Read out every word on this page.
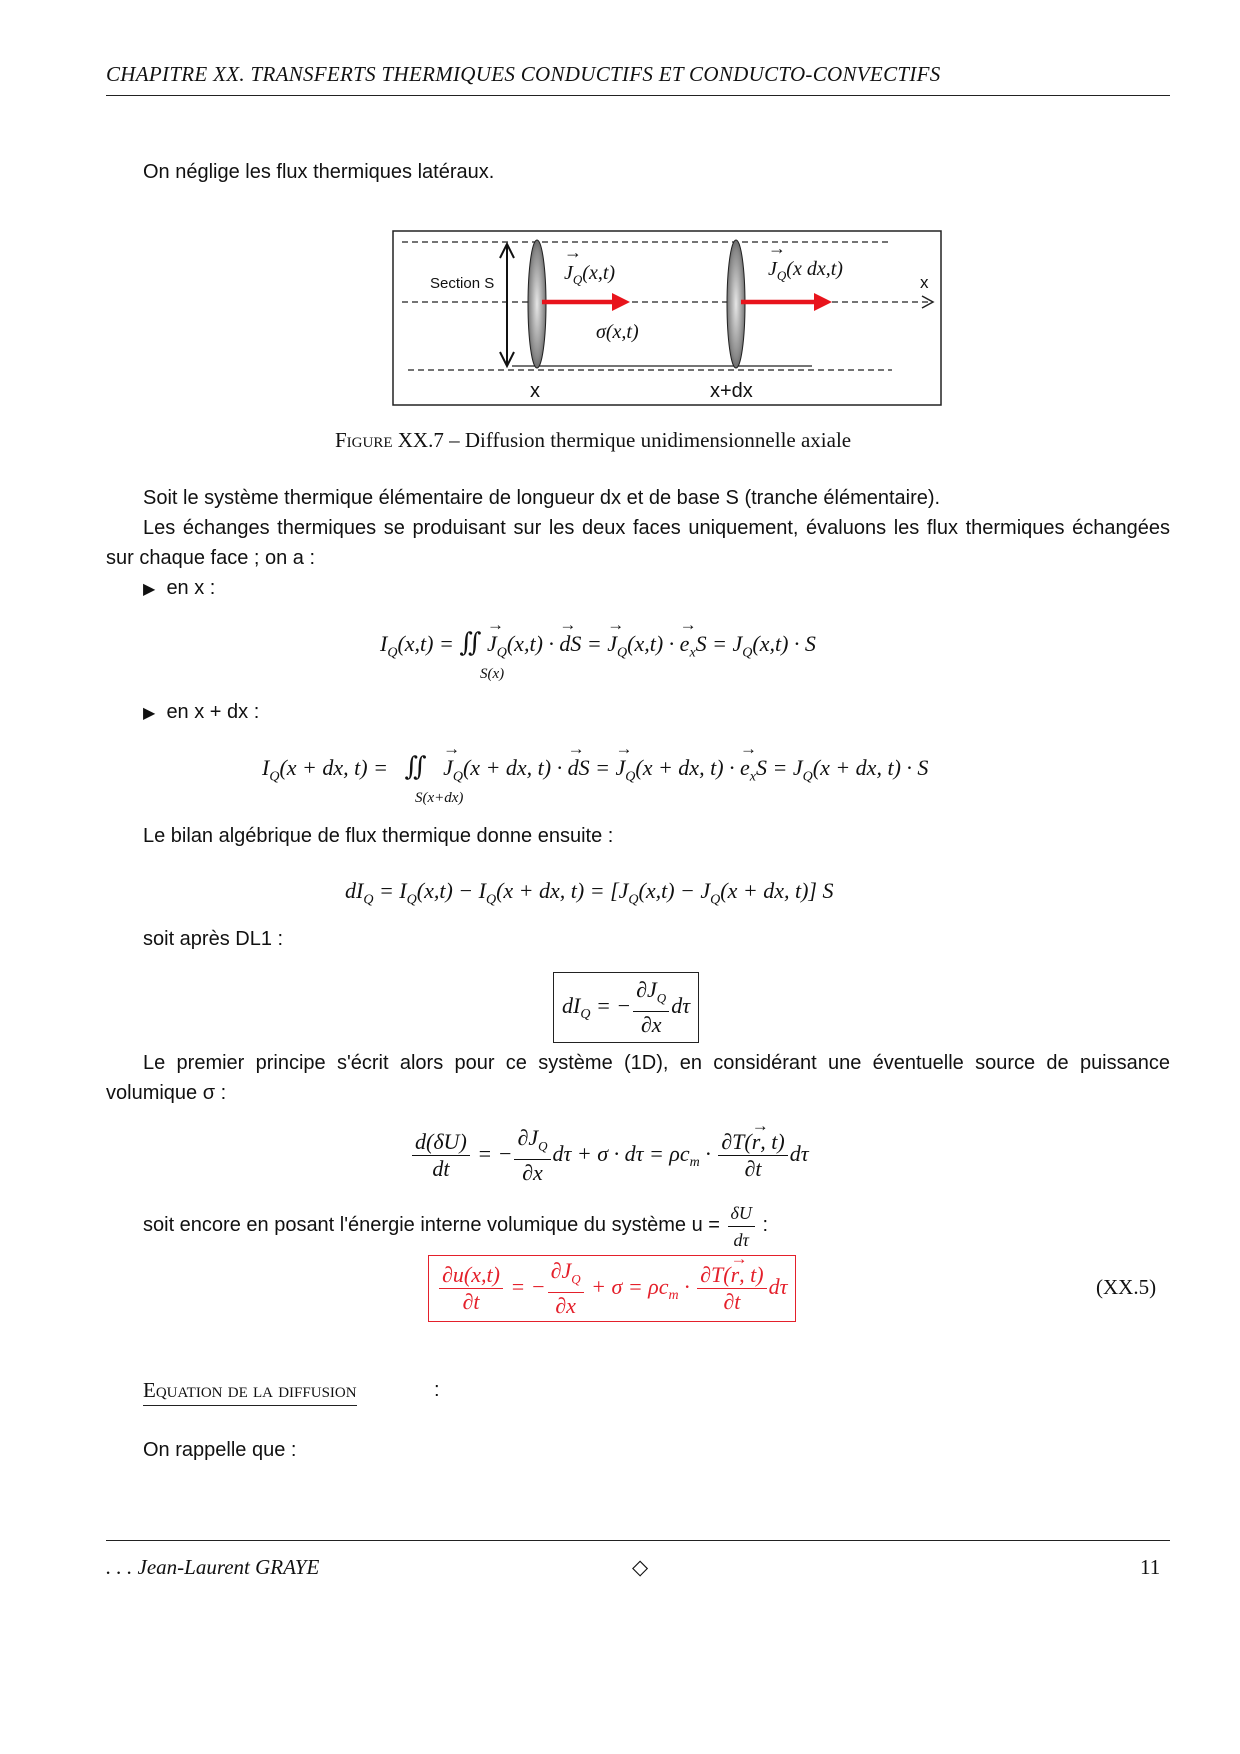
CHAPITRE XX. TRANSFERTS THERMIQUES CONDUCTIFS ET CONDUCTO-CONVECTIFS
On néglige les flux thermiques latéraux.
Section S	$J_Q(x,t)$
→
$J_Q(x$ dx,t)
→
x
σ(x,t)
x	x+dx
Figure XX.7 – Diffusion thermique unidimensionnelle axiale
Soit le système thermique élémentaire de longueur dx et de base S (tranche élémentaire).
Les échanges thermiques se produisant sur les deux faces uniquement, évaluons les flux thermiques échangées sur chaque face ; on a :
▶ en x :
$I_Q(x,t)$ = ∬ → $J_Q(x,t)$ · → dS = → $J_Q(x,t)$ · → $e_xS = J_Q(x,t) \cdot S$
S(x)
▶ en x + dx :
$I_Q(x$ + dx, t) =   ∬ → $J_Q(x$ + dx, t) · → dS = → $J_Q(x$ + dx, t) · → $e_xS = J_Q(x$ + dx, t) · S
S(x+dx)
Le bilan algébrique de flux thermique donne ensuite :
$dI_Q = I_Q(x,t) - I_Q(x$ + dx, $t) = [J_Q(x,t) - J_Q(x$ + dx, t)] S
soit après DL1 :
$dI_Q$ = − $\frac{\partial J_Q}{\partial x}$ dτ
Le premier principe s'écrit alors pour ce système (1D), en considérant une éventuelle source de puissance volumique σ :
$\frac{d(\delta U)}{dt}$ = − $\frac{\partial J_Q}{\partial x}$ $d\tau + \sigma \cdot d\tau = \rho c_m \cdot \frac{\partial T(\to r, t)}{\partial t}$ dτ
soit encore en posant l'énergie interne volumique du système $u = \frac{\delta U}{d\tau}$ :
$\frac{\partial u(x,t)}{\partial t}$ = − $\frac{\partial J_Q}{\partial x} + \sigma = \rho c_m \cdot \frac{\partial T(\to r, t)}{\partial t}$ dτ	(XX.5)
Equation de la diffusion	:
On rappelle que :
. . . Jean-Laurent GRAYE	◇	11
